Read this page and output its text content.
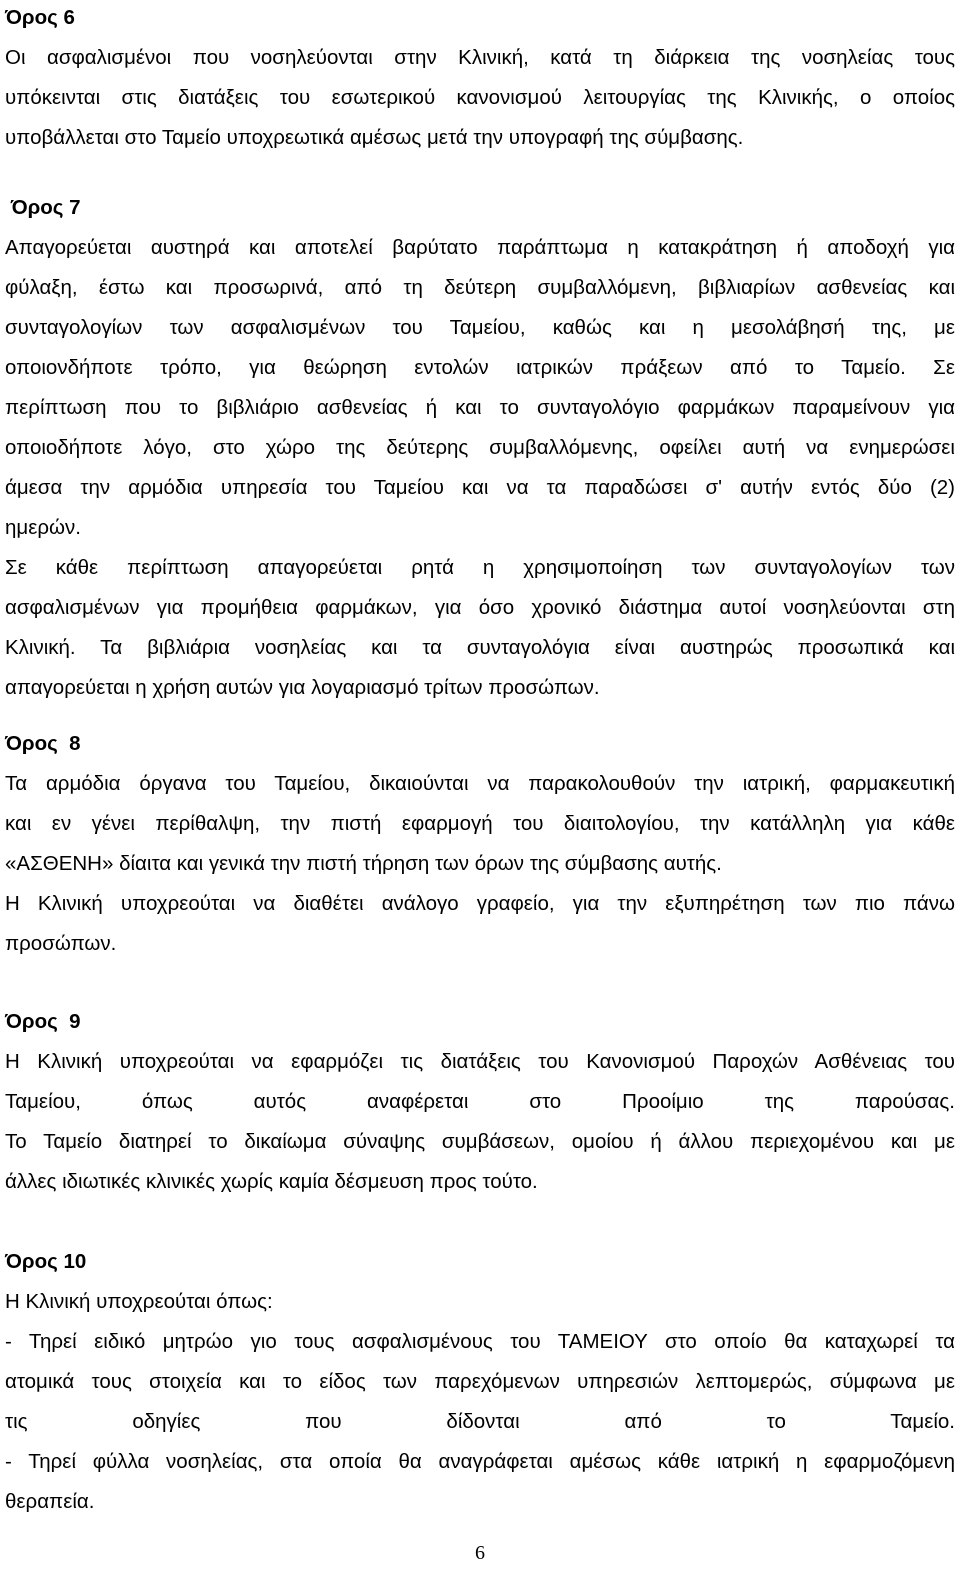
Όρος 6
Οι ασφαλισμένοι που νοσηλεύονται στην Κλινική, κατά τη διάρκεια της νοσηλείας τους
υπόκεινται στις διατάξεις του εσωτερικού κανονισμού λειτουργίας της Κλινικής, ο οποίος
υποβάλλεται στο Ταμείο υποχρεωτικά αμέσως μετά την υπογραφή της σύμβασης.
Όρος 7
Απαγορεύεται αυστηρά και αποτελεί βαρύτατο παράπτωμα η κατακράτηση ή αποδοχή για
φύλαξη, έστω και προσωρινά, από τη δεύτερη συμβαλλόμενη, βιβλιαρίων ασθενείας και
συνταγολογίων των ασφαλισμένων του Ταμείου, καθώς και η μεσολάβησή της, με
οποιονδήποτε τρόπο, για θεώρηση εντολών ιατρικών πράξεων από το Ταμείο. Σε
περίπτωση που το βιβλιάριο ασθενείας ή και το συνταγολόγιο φαρμάκων παραμείνουν για
οποιοδήποτε λόγο, στο χώρο της δεύτερης συμβαλλόμενης, οφείλει αυτή να ενημερώσει
άμεσα την αρμόδια υπηρεσία του Ταμείου και να τα παραδώσει σ' αυτήν εντός δύο (2)
ημερών.
Σε κάθε περίπτωση απαγορεύεται ρητά η χρησιμοποίηση των συνταγολογίων των
ασφαλισμένων για προμήθεια φαρμάκων, για όσο χρονικό διάστημα αυτοί νοσηλεύονται στη
Κλινική. Τα βιβλιάρια νοσηλείας και τα συνταγολόγια είναι αυστηρώς προσωπικά και
απαγορεύεται η χρήση αυτών για λογαριασμό τρίτων προσώπων.
Όρος  8
Τα αρμόδια όργανα του Ταμείου, δικαιούνται να παρακολουθούν την ιατρική, φαρμακευτική
και εν γένει περίθαλψη, την πιστή εφαρμογή του διαιτολογίου, την κατάλληλη για κάθε
«ΑΣΘΕΝΗ» δίαιτα και γενικά την πιστή τήρηση των όρων της σύμβασης αυτής.
Η Κλινική υποχρεούται να διαθέτει ανάλογο γραφείο, για την εξυπηρέτηση των πιο πάνω
προσώπων.
Όρος  9
Η Κλινική υποχρεούται να εφαρμόζει τις διατάξεις του Κανονισμού Παροχών Ασθένειας του
Ταμείου, όπως αυτός αναφέρεται στο Προοίμιο της παρούσας.
Το Ταμείο διατηρεί το δικαίωμα σύναψης συμβάσεων, ομοίου ή άλλου περιεχομένου και με
άλλες ιδιωτικές κλινικές χωρίς καμία δέσμευση προς τούτο.
Όρος 10
Η Κλινική υποχρεούται όπως:
- Τηρεί ειδικό μητρώο γιο τους ασφαλισμένους του ΤΑΜΕΙΟΥ στο οποίο θα καταχωρεί τα
ατομικά τους στοιχεία και το είδος των παρεχόμενων υπηρεσιών λεπτομερώς, σύμφωνα με
τις οδηγίες που δίδονται από το Ταμείο.
- Τηρεί φύλλα νοσηλείας, στα οποία θα αναγράφεται αμέσως κάθε ιατρική η εφαρμοζόμενη
θεραπεία.
6
